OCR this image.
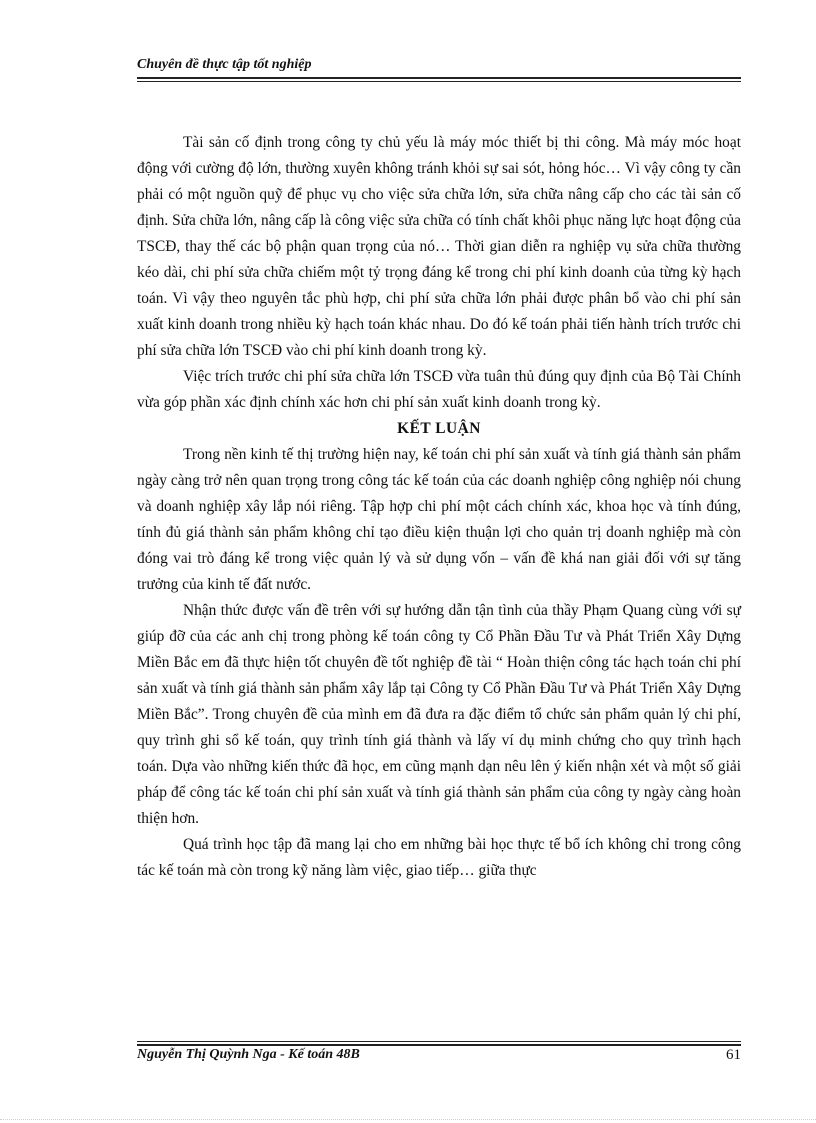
Chuyên đề thực tập tốt nghiệp

Tài sản cố định trong công ty chủ yếu là máy móc thiết bị thi công. Mà máy móc hoạt động với cường độ lớn, thường xuyên không tránh khỏi sự sai sót, hỏng hóc… Vì vậy công ty cần phải có một nguồn quỹ để phục vụ cho việc sửa chữa lớn, sửa chữa nâng cấp cho các tài sản cố định. Sửa chữa lớn, nâng cấp là công việc sửa chữa có tính chất khôi phục năng lực hoạt động của TSCĐ, thay thế các bộ phận quan trọng của nó… Thời gian diễn ra nghiệp vụ sửa chữa thường kéo dài, chi phí sửa chữa chiếm một tỷ trọng đáng kể trong chi phí kinh doanh của từng kỳ hạch toán. Vì vậy theo nguyên tắc phù hợp, chi phí sửa chữa lớn phải được phân bổ vào chi phí sản xuất kinh doanh trong nhiều kỳ hạch toán khác nhau. Do đó kế toán phải tiến hành trích trước chi phí sửa chữa lớn TSCĐ vào chi phí kinh doanh trong kỳ.

Việc trích trước chi phí sửa chữa lớn TSCĐ vừa tuân thủ đúng quy định của Bộ Tài Chính vừa góp phần xác định chính xác hơn chi phí sản xuất kinh doanh trong kỳ.

KẾT LUẬN

Trong nền kinh tế thị trường hiện nay, kế toán chi phí sản xuất và tính giá thành sản phẩm ngày càng trở nên quan trọng trong công tác kế toán của các doanh nghiệp công nghiệp nói chung và doanh nghiệp xây lắp nói riêng. Tập hợp chi phí một cách chính xác, khoa học và tính đúng, tính đủ giá thành sản phẩm không chỉ tạo điều kiện thuận lợi cho quản trị doanh nghiệp mà còn đóng vai trò đáng kể trong việc quản lý và sử dụng vốn – vấn đề khá nan giải đối với sự tăng trưởng của kinh tế đất nước.

Nhận thức được vấn đề trên với sự hướng dẫn tận tình của thầy Phạm Quang cùng với sự giúp đỡ của các anh chị trong phòng kế toán công ty Cổ Phần Đầu Tư và Phát Triển Xây Dựng Miền Bắc em đã thực hiện tốt chuyên đề tốt nghiệp đề tài “ Hoàn thiện công tác hạch toán chi phí sản xuất và tính giá thành sản phẩm xây lắp tại Công ty Cổ Phần Đầu Tư và Phát Triển Xây Dựng Miền Bắc”. Trong chuyên đề của mình em đã đưa ra đặc điểm tổ chức sản phẩm quản lý chi phí, quy trình ghi sổ kế toán, quy trình tính giá thành và lấy ví dụ minh chứng cho quy trình hạch toán. Dựa vào những kiến thức đã học, em cũng mạnh dạn nêu lên ý kiến nhận xét và một số giải pháp để công tác kế toán chi phí sản xuất và tính giá thành sản phẩm của công ty ngày càng hoàn thiện hơn.

Quá trình học tập đã mang lại cho em những bài học thực tế bổ ích không chỉ trong công tác kế toán mà còn trong kỹ năng làm việc, giao tiếp… giữa thực

Nguyễn Thị Quỳnh Nga - Kế toán 48B	61
